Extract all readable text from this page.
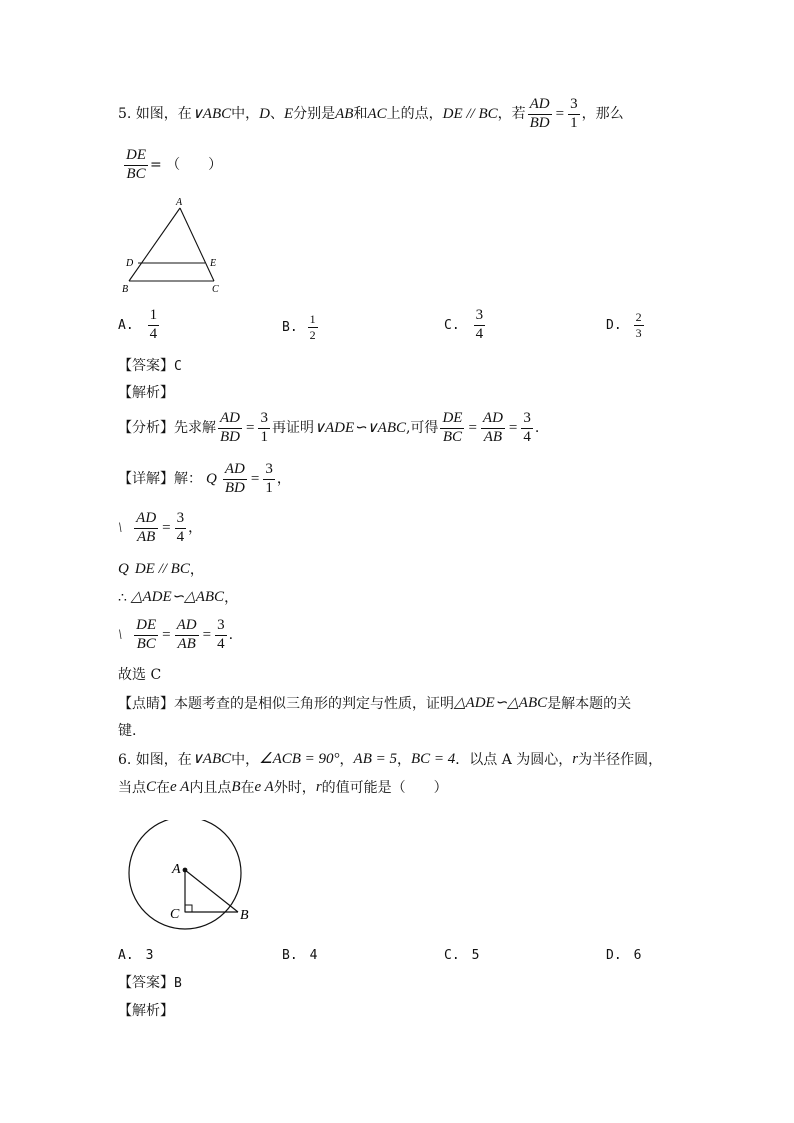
5. 如图，在 ∨ABC 中， D 、 E 分别是 AB 和 AC 上的点， DE // BC ，若 $\frac{AD}{BD} = \frac{3}{1}$ ，那么
$\frac{DE}{BC}$ = （　　）
A
D	E
B	C
A. $\frac{1}{4}$	B. $\frac{1}{2}$	C. $\frac{3}{4}$	D. $\frac{2}{3}$
【答案】 C
【解析】
【分析】 先求解 $\frac{AD}{BD} = \frac{3}{1}$ 再证明 ∨ADE∽∨ABC ,可得 $\frac{DE}{BC} = \frac{AD}{AB} = \frac{3}{4}$ .
【详解】 解： Q $\frac{AD}{BD} = \frac{3}{1}$ ，
\ $\frac{AD}{AB} = \frac{3}{4}$ ，
Q DE // BC ，
∴ △ADE∽△ABC ，
\ $\frac{DE}{BC} = \frac{AD}{AB} = \frac{3}{4}$ .
故选 C
【点睛】 本题考查的是相似三角形的判定与性质，证明 △ADE∽△ABC 是解本题的关
键.
6. 如图，在 ∨ABC 中， ∠ACB = 90° ， AB = 5 ， BC = 4 ．以点 A 为圆心， r 为半径作圆，
当点 C 在 e A 内且点 B 在 e A 外时， r 的值可能是（　　）
A
C	B
A. 3	B. 4	C. 5	D. 6
【答案】 B
【解析】
